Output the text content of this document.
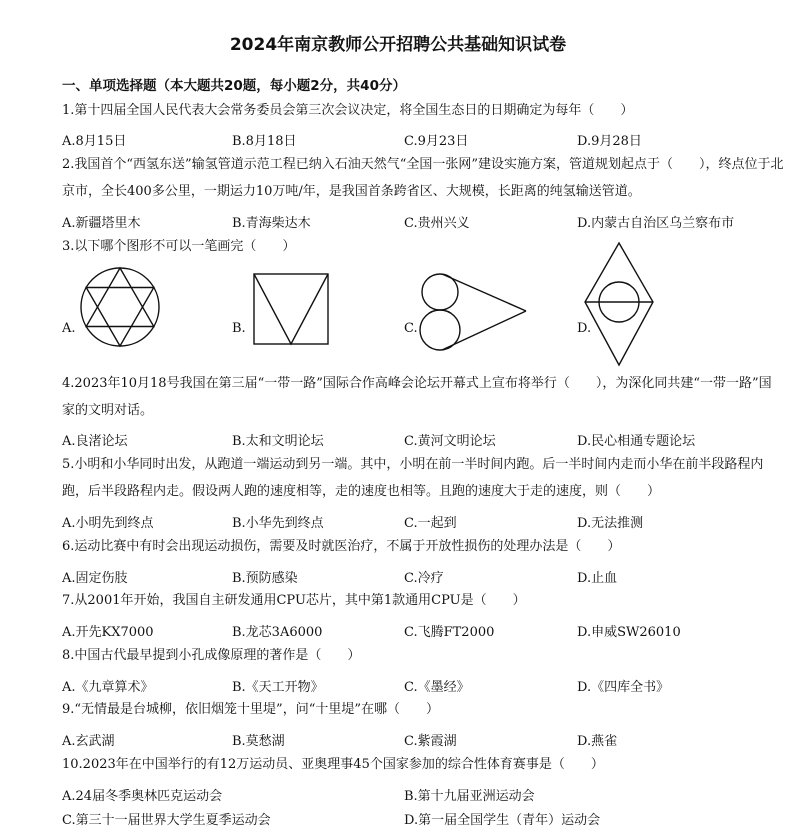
2024年南京教师公开招聘公共基础知识试卷
一、单项选择题（本大题共20题，每小题2分，共40分）
1.第十四届全国人民代表大会常务委员会第三次会议决定，将全国生态日的日期确定为每年（　　）
A.8月15日	B.8月18日	C.9月23日	D.9月28日
2.我国首个“西氢东送”输氢管道示范工程已纳入石油天然气“全国一张网”建设实施方案，管道规划起点于（　　），终点位于北京市，全长400多公里，一期运力10万吨/年，是我国首条跨省区、大规模，长距离的纯氢输送管道。
A.新疆塔里木	B.青海柴达木	C.贵州兴义	D.内蒙古自治区乌兰察布市
3.以下哪个图形不可以一笔画完（　　）
A.	B.	C.	D.
4.2023年10月18号我国在第三届“一带一路”国际合作高峰会论坛开幕式上宣布将举行（　　），为深化同共建“一带一路”国家的文明对话。
A.良渚论坛	B.太和文明论坛	C.黄河文明论坛	D.民心相通专题论坛
5.小明和小华同时出发，从跑道一端运动到另一端。其中，小明在前一半时间内跑。后一半时间内走而小华在前半段路程内跑，后半段路程内走。假设两人跑的速度相等，走的速度也相等。且跑的速度大于走的速度，则（　　）
A.小明先到终点	B.小华先到终点	C.一起到	D.无法推测
6.运动比赛中有时会出现运动损伤，需要及时就医治疗，不属于开放性损伤的处理办法是（　　）
A.固定伤肢	B.预防感染	C.冷疗	D.止血
7.从2001年开始，我国自主研发通用CPU芯片，其中第1款通用CPU是（　　）
A.开先KX7000	B.龙芯3A6000	C.飞腾FT2000	D.申威SW26010
8.中国古代最早提到小孔成像原理的著作是（　　）
A.《九章算术》	B.《天工开物》	C.《墨经》	D.《四库全书》
9.“无情最是台城柳，依旧烟笼十里堤”，问“十里堤”在哪（　　）
A.玄武湖	B.莫愁湖	C.紫霞湖	D.燕雀
10.2023年在中国举行的有12万运动员、亚奥理事45个国家参加的综合性体育赛事是（　　）
A.24届冬季奥林匹克运动会	B.第十九届亚洲运动会
C.第三十一届世界大学生夏季运动会	D.第一届全国学生（青年）运动会
